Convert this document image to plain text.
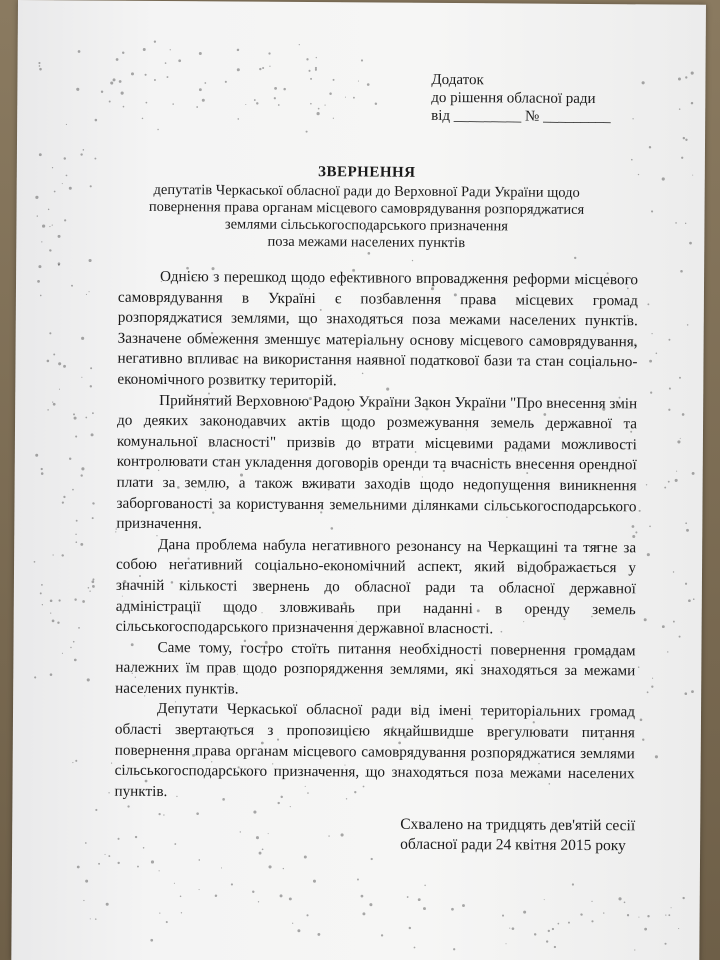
Додаток
до рішення обласної ради
від _________ № _________
ЗВЕРНЕННЯ
депутатів Черкаської обласної ради до Верховної Ради України щодо
повернення права органам місцевого самоврядування розпоряджатися
землями сільськогосподарського призначення
поза межами населених пунктів

Однією з перешкод щодо ефективного впровадження реформи місцевого самоврядування в Україні є позбавлення права місцевих громад розпоряджатися землями, що знаходяться поза межами населених пунктів. Зазначене обмеження зменшує матеріальну основу місцевого самоврядування, негативно впливає на використання наявної податкової бази та стан соціально-економічного розвитку територій.

Прийнятий Верховною Радою України Закон України "Про внесення змін до деяких законодавчих актів щодо розмежування земель державної та комунальної власності" призвів до втрати місцевими радами можливості контролювати стан укладення договорів оренди та вчасність внесення орендної плати за землю, а також вживати заходів щодо недопущення виникнення заборгованості за користування земельними ділянками сільськогосподарського призначення.

Дана проблема набула негативного резонансу на Черкащині та тягне за собою негативний соціально-економічний аспект, який відображається у значній кількості звернень до обласної ради та обласної державної адміністрації щодо зловживань при наданні в оренду земель сільськогосподарського призначення державної власності.

Саме тому, гостро стоїть питання необхідності повернення громадам належних їм прав щодо розпорядження землями, які знаходяться за межами населених пунктів.

Депутати Черкаської обласної ради від імені територіальних громад області звертаються з пропозицією якнайшвидше врегулювати питання повернення права органам місцевого самоврядування розпоряджатися землями сільськогосподарського призначення, що знаходяться поза межами населених пунктів.

Схвалено на тридцять дев'ятій сесії
обласної ради 24 квітня 2015 року
